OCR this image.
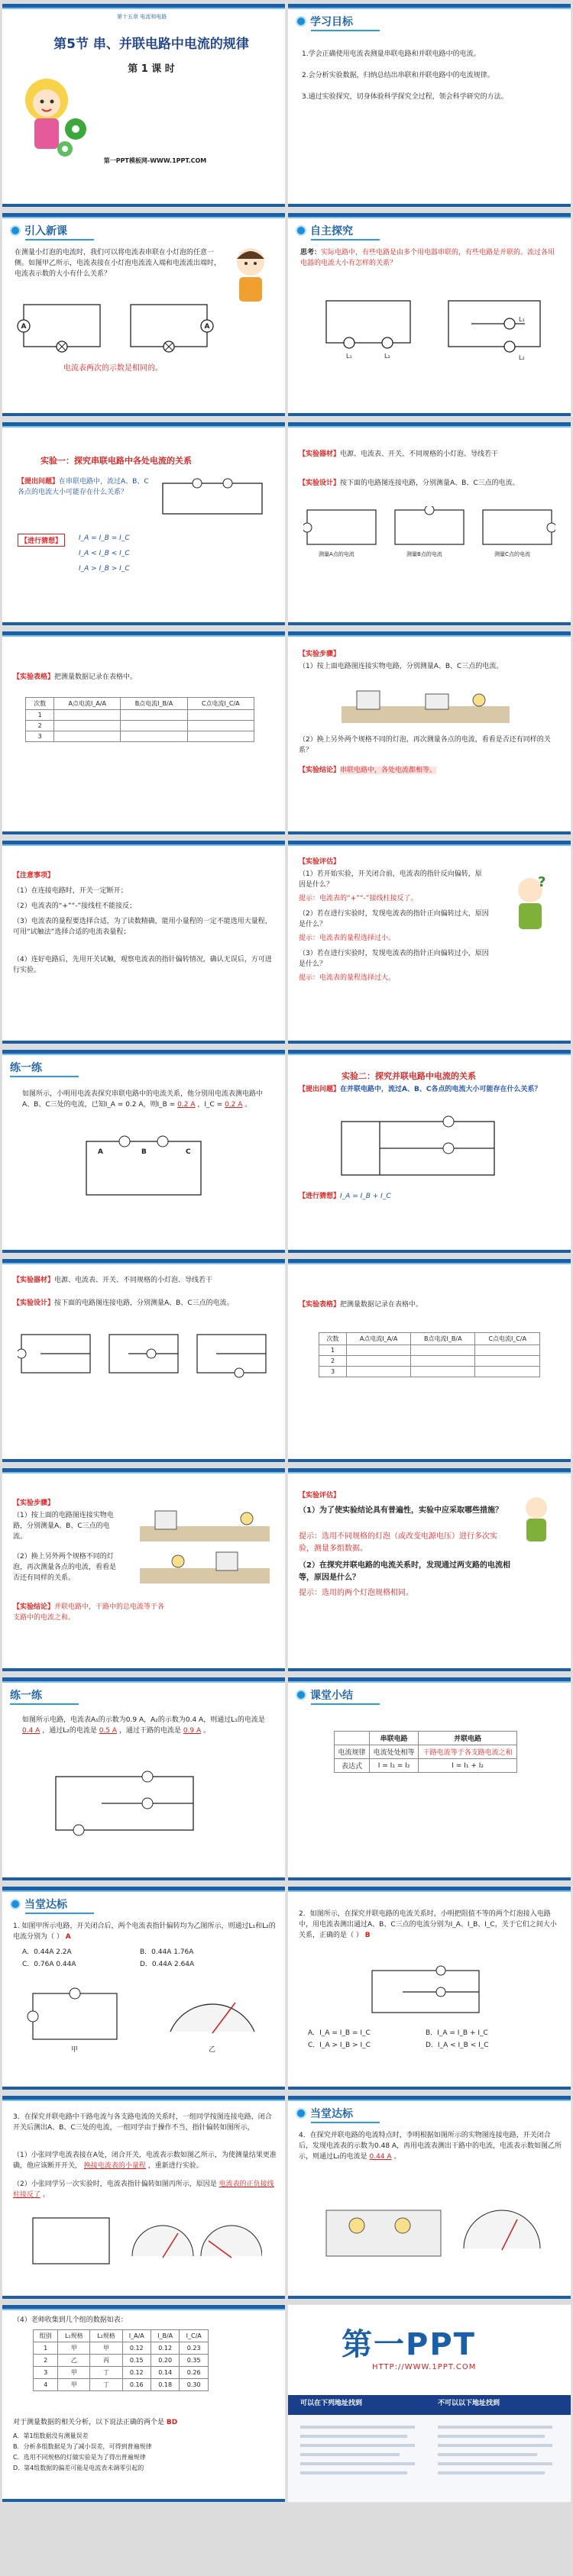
第十五章 电流和电路
第5节 串、并联电路中电流的规律
第 1 课 时
第一PPT模板网-WWW.1PPT.COM
学习目标
1.学会正确使用电流表测量串联电路和并联电路中的电流。
2.会分析实验数据，归纳总结出串联和并联电路中的电流规律。
3.通过实验探究，切身体验科学探究全过程，领会科学研究的方法。
引入新课
在测量小灯泡的电流时，我们可以将电流表串联在小灯泡的任意一侧。如图甲乙所示，电流表接在小灯泡电流流入端和电流流出端时，电流表示数的大小有什么关系？
A	A
电流表两次的示数是相同的。
自主探究
思考：实际电路中，有些电路是由多个用电器串联的，有些电路是并联的。流过各用电器的电流大小有怎样的关系？
L₁	L₂
L₁
L₂
实验一：探究串联电路中各处电流的关系
【提出问题】在串联电路中，流过A、B、C各点的电流大小可能存在什么关系？
【进行猜想】	I_A = I_B = I_C
I_A < I_B < I_C
I_A > I_B > I_C
【实验器材】电源、电流表、开关、不同规格的小灯泡、导线若干
【实验设计】按下面的电路图连接电路，分别测量A、B、C三点的电流。
测量A点的电流	测量B点的电流	测量C点的电流
【实验表格】把测量数据记录在表格中。
次数	A点电流I_A/A	B点电流I_B/A	C点电流I_C/A
1			
2			
3			
【实验步骤】
（1）按上面电路图连接实物电路，分别测量A、B、C三点的电流。
（2）换上另外两个规格不同的灯泡，再次测量各点的电流，看看是否还有同样的关系？
【实验结论】串联电路中，各处电流都相等。
【注意事项】
（1）在连接电路时，开关一定断开；
（2）电流表的“+”“-”接线柱不能接反；
（3）电流表的量程要选择合适，为了读数精确，能用小量程的一定不能选用大量程，可用“试触法”选择合适的电流表量程；
（4）连好电路后，先用开关试触，观察电流表的指针偏转情况，确认无误后，方可进行实验。
【实验评估】
（1）若开始实验，开关闭合前，电流表的指针反向偏转，原因是什么？
提示：电流表的“+”“-”接线柱接反了。
（2）若在进行实验时，发现电流表的指针正向偏转过大，原因是什么？
提示：电流表的量程选择过小。
（3）若在进行实验时，发现电流表的指针正向偏转过小，原因是什么？
提示：电流表的量程选择过大。
?
练一练
如图所示，小明用电流表探究串联电路中的电流关系，他分别用电流表测电路中A、B、C三处的电流，已知I_A = 0.2 A，则I_B = 0.2 A ，I_C = 0.2 A 。
A	B	C
实验二：探究并联电路中电流的关系
【提出问题】在并联电路中，流过A、B、C各点的电流大小可能存在什么关系？
【进行猜想】I_A = I_B + I_C
【实验器材】电源、电流表、开关、不同规格的小灯泡、导线若干
【实验设计】按下面的电路图连接电路，分别测量A、B、C三点的电流。	【实验表格】把测量数据记录在表格中。
次数	A点电流I_A/A	B点电流I_B/A	C点电流I_C/A
1			
2			
3			
【实验步骤】
（1）按上面的电路图连接实物电路，分别测量A、B、C三点的电流。
（2）换上另外两个规格不同的灯泡，再次测量各点的电流，看看是否还有同样的关系。
【实验结论】并联电路中，干路中的总电流等于各支路中的电流之和。
【实验评估】
（1）为了使实验结论具有普遍性，实验中应采取哪些措施？
提示：选用不同规格的灯泡（或改变电源电压）进行多次实验，测量多组数据。
（2）在探究并联电路的电流关系时，发现通过两支路的电流相等，原因是什么？
提示：选用的两个灯泡规格相同。
练一练
如图所示电路，电流表A₁的示数为0.9 A，A₂的示数为0.4 A，则通过L₁的电流是 0.4 A ，通过L₂的电流是 0.5 A ，通过干路的电流是 0.9 A 。
课堂小结
	串联电路	并联电路
电流规律	电流处处相等	干路电流等于各支路电流之和
表达式	I = I₁ = I₂	I = I₁ + I₂
当堂达标
1. 如图甲所示电路，开关闭合后，两个电流表指针偏转均为乙图所示，则通过L₁和L₂的电流分别为（ ） A
A．0.44A 2.2A	B．0.44A 1.76A
C．0.76A 0.44A	D．0.44A 2.64A
甲	乙
2．如图所示，在探究并联电路的电流关系时，小明把阻值不等的两个灯泡接入电路中，用电流表测出通过A、B、C三点的电流分别为I_A、I_B、I_C，关于它们之间大小关系，正确的是（ ） B
A．I_A = I_B = I_C	B．I_A = I_B + I_C
C．I_A > I_B > I_C	D．I_A < I_B < I_C
3．在探究并联电路中干路电流与各支路电流的关系时，一组同学按图连接电路，闭合开关后测出A、B、C三处的电流，一组同学由于操作不当，指针偏转如图所示，
（1）小张同学电流表接在A处，闭合开关，电流表示数如图乙所示，为使测量结果更准确，他应该断开开关， 换接电流表的小量程 ，重新进行实验。
（2）小张同学另一次实验时，电流表指针偏转如图丙所示，原因是 电流表的正负接线柱接反了 。
当堂达标
4．在探究并联电路的电流特点时，李明根据如图所示的实物图连接电路，开关闭合后，发现电流表的示数为0.48 A，再用电流表测出干路中的电流，电流表示数如图乙所示，则通过L₂的电流是 0.44 A 。
（4）老师收集到几个组的数据如表：
组别	L₁规格	L₂规格	I_A/A	I_B/A	I_C/A
1	甲	甲	0.12	0.12	0.23
2	乙	丙	0.15	0.20	0.35
3	甲	丁	0.12	0.14	0.26
4	甲	丁	0.16	0.18	0.30
对于测量数据的相关分析，以下说法正确的两个是 BD
A．第1组数据没有测量误差
B．分析多组数据是为了减小误差，可得到普遍规律
C．选用不同规格的灯做实验是为了得出普遍规律
D．第4组数据的偏差可能是电流表未调零引起的
第一PPT
HTTP://WWW.1PPT.COM
可以在下列地址找到	不可以以下地址找到
